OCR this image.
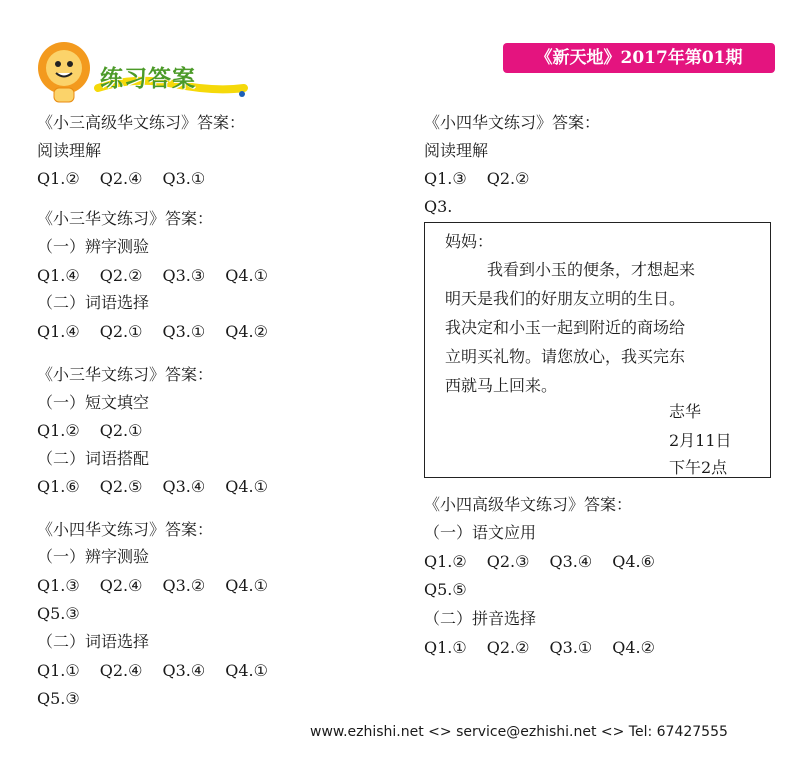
《新天地》2017年第01期
练习答案
《小三高级华文练习》答案：
阅读理解
Q1.② Q2.④ Q3.①
《小三华文练习》答案：
（一）辨字测验
Q1.④ Q2.② Q3.③ Q4.①
（二）词语选择
Q1.④ Q2.① Q3.① Q4.②
《小三华文练习》答案：
（一）短文填空
Q1.② Q2.①
（二）词语搭配
Q1.⑥ Q2.⑤ Q3.④ Q4.①
《小四华文练习》答案：
（一）辨字测验
Q1.③ Q2.④ Q3.② Q4.①
Q5.③
（二）词语选择
Q1.① Q2.④ Q3.④ Q4.①
Q5.③
《小四华文练习》答案：
阅读理解
Q1.③ Q2.②
Q3.
妈妈：
我看到小玉的便条，才想起来
明天是我们的好朋友立明的生日。
我决定和小玉一起到附近的商场给
立明买礼物。请您放心，我买完东
西就马上回来。
志华
2月11日
下午2点
《小四高级华文练习》答案：
（一）语文应用
Q1.② Q2.③ Q3.④ Q4.⑥
Q5.⑤
（二）拼音选择
Q1.① Q2.② Q3.① Q4.②
www.ezhishi.net <> service@ezhishi.net <> Tel: 67427555
